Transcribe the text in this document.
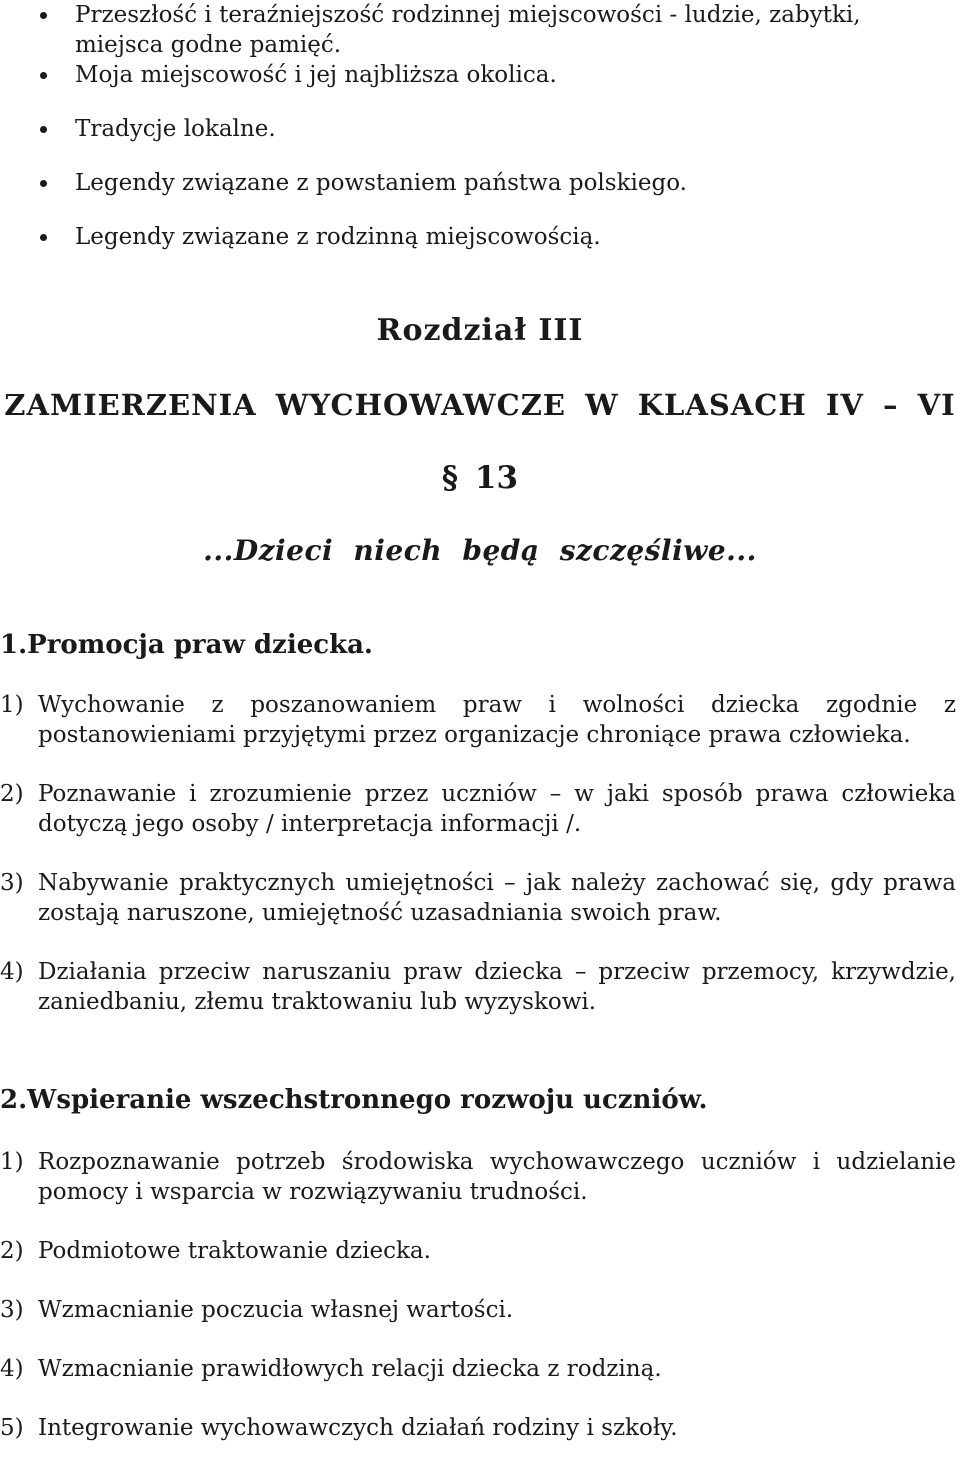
Przeszłość i teraźniejszość rodzinnej miejscowości - ludzie, zabytki, miejsca godne pamięć.
Moja miejscowość i jej najbliższa okolica.
Tradycje lokalne.
Legendy związane z powstaniem państwa polskiego.
Legendy związane z rodzinną miejscowością.
Rozdział III
ZAMIERZENIA WYCHOWAWCZE W KLASACH IV – VI
§ 13
...Dzieci niech będą szczęśliwe...
1.Promocja praw dziecka.
1) Wychowanie z poszanowaniem praw i wolności dziecka zgodnie z postanowieniami przyjętymi przez organizacje chroniące prawa człowieka.
2) Poznawanie i zrozumienie przez uczniów – w jaki sposób prawa człowieka dotyczą jego osoby / interpretacja informacji /.
3) Nabywanie praktycznych umiejętności – jak należy zachować się, gdy prawa zostają naruszone, umiejętność uzasadniania swoich praw.
4) Działania przeciw naruszaniu praw dziecka – przeciw przemocy, krzywdzie, zaniedbaniu, złemu traktowaniu lub wyzyskowi.
2.Wspieranie wszechstronnego rozwoju uczniów.
1) Rozpoznawanie potrzeb środowiska wychowawczego uczniów i udzielanie pomocy i wsparcia w rozwiązywaniu trudności.
2) Podmiotowe traktowanie dziecka.
3) Wzmacnianie poczucia własnej wartości.
4) Wzmacnianie prawidłowych relacji dziecka z rodziną.
5) Integrowanie wychowawczych działań rodziny i szkoły.
